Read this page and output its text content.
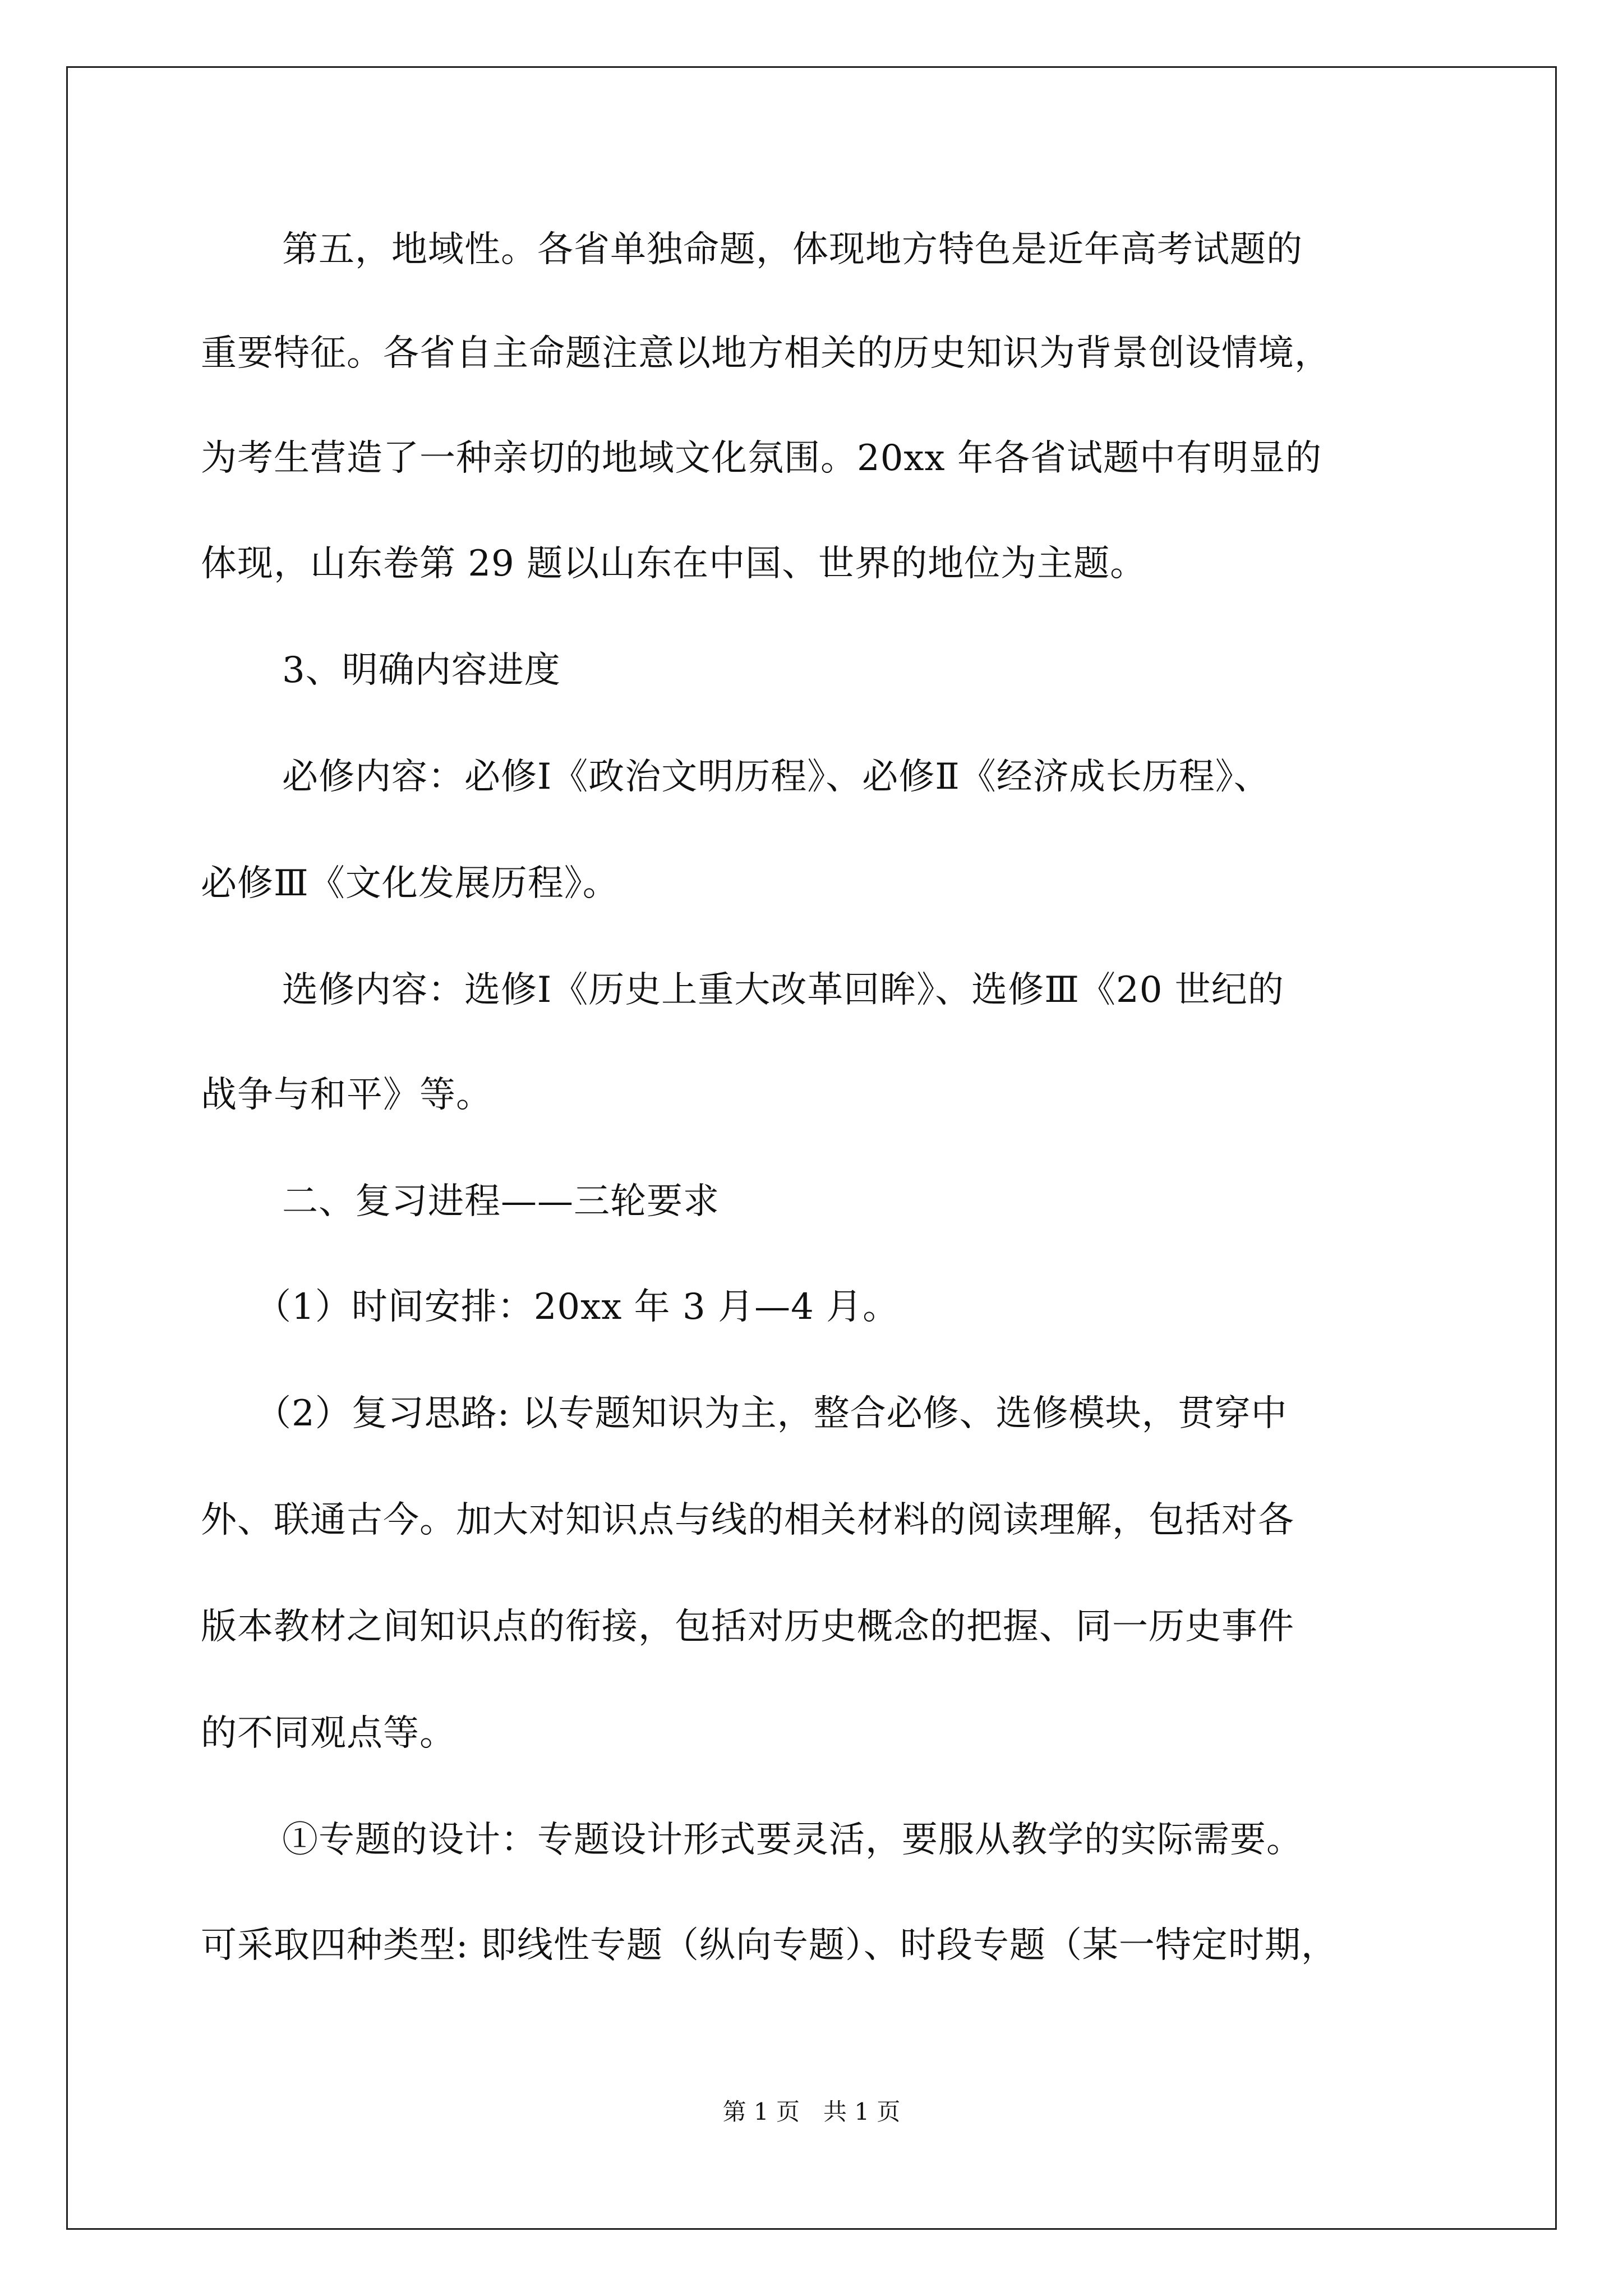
第五，地域性。各省单独命题，体现地方特色是近年高考试题的
重要特征。各省自主命题注意以地方相关的历史知识为背景创设情境，
为考生营造了一种亲切的地域文化氛围。20xx 年各省试题中有明显的
体现，山东卷第 29 题以山东在中国、世界的地位为主题。
3、明确内容进度
必修内容：必修Ⅰ《政治文明历程》、必修Ⅱ《经济成长历程》、
必修Ⅲ《文化发展历程》。
选修内容：选修Ⅰ《历史上重大改革回眸》、选修Ⅲ《20 世纪的
战争与和平》等。
二、复习进程——三轮要求
（1）时间安排：20xx 年 3 月—4 月。
（2）复习思路: 以专题知识为主，整合必修、选修模块，贯穿中
外、联通古今。加大对知识点与线的相关材料的阅读理解，包括对各
版本教材之间知识点的衔接，包括对历史概念的把握、同一历史事件
的不同观点等。
①专题的设计：专题设计形式要灵活，要服从教学的实际需要。
可采取四种类型: 即线性专题（纵向专题）、时段专题（某一特定时期，
第 1 页　共 1 页
